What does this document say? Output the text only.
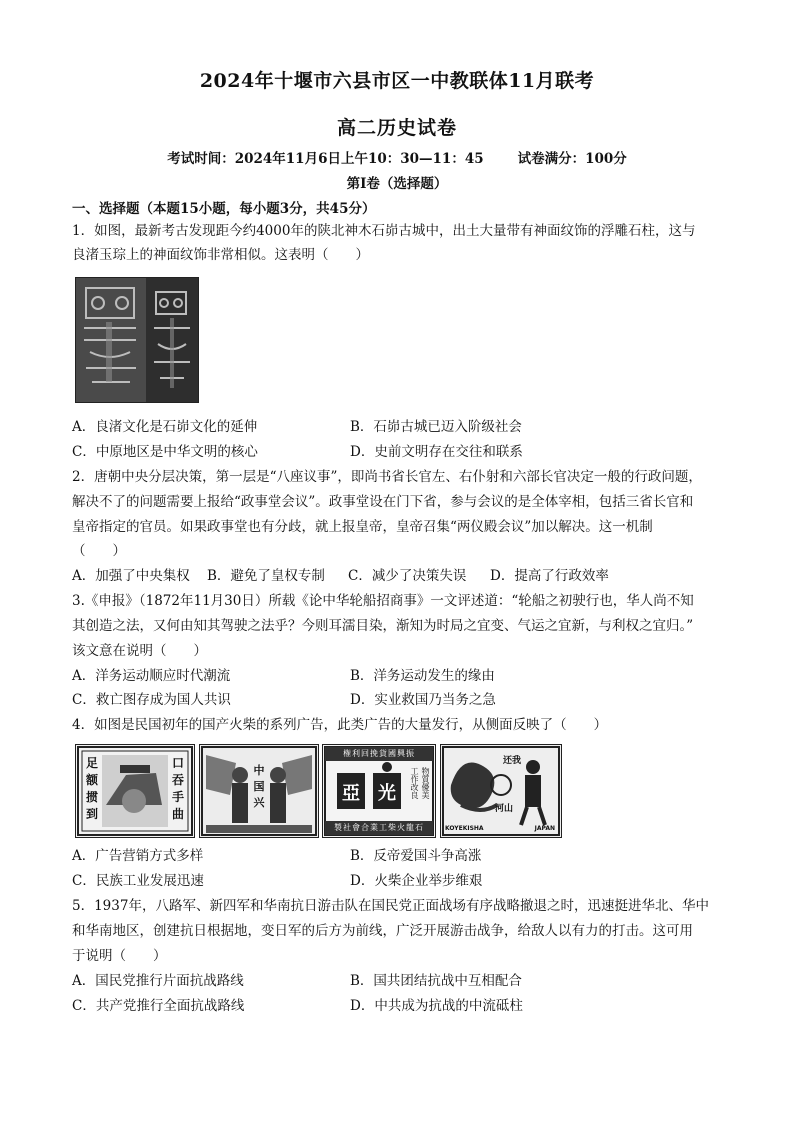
2024年十堰市六县市区一中教联体11月联考
高二历史试卷
考试时间：2024年11月6日上午10：30—11：45	试卷满分：100分
第Ⅰ卷（选择题）
一、选择题（本题15小题，每小题3分，共45分）
1．如图，最新考古发现距今约4000年的陕北神木石峁古城中，出土大量带有神面纹饰的浮雕石柱，这与
良渚玉琮上的神面纹饰非常相似。这表明（　　）
A．良渚文化是石峁文化的延伸	B．石峁古城已迈入阶级社会
C．中原地区是中华文明的核心	D．史前文明存在交往和联系
2．唐朝中央分层决策，第一层是“八座议事”，即尚书省长官左、右仆射和六部长官决定一般的行政问题，
解决不了的问题需要上报给“政事堂会议”。政事堂设在门下省，参与会议的是全体宰相，包括三省长官和
皇帝指定的官员。如果政事堂也有分歧，就上报皇帝，皇帝召集“两仪殿会议”加以解决。这一机制
（　　）
A．加强了中央集权 B．避免了皇权专制 C．减少了决策失误 D．提高了行政效率
3.《申报》（1872年11月30日）所载《论中华轮船招商事》一文评述道：“轮船之初驶行也，华人尚不知
其创造之法，又何由知其驾驶之法乎？今则耳濡目染，渐知为时局之宜变、气运之宜新，与利权之宜归。”
该文意在说明（　　）
A．洋务运动顺应时代潮流	B．洋务运动发生的缘由
C．救亡图存成为国人共识	D．实业救国乃当务之急
4．如图是民国初年的国产火柴的系列广告，此类广告的大量发行，从侧面反映了（　　）
足
额
掼
到
口
吞
手
曲
中
国
兴
権利回挽貨國興振
亞 光	工作改良 物質優美
製社會合業工柴火龍石
还我
河山
KOYEKISHA	JAPAN
A．广告营销方式多样	B．反帝爱国斗争高涨
C．民族工业发展迅速	D．火柴企业举步维艰
5．1937年，八路军、新四军和华南抗日游击队在国民党正面战场有序战略撤退之时，迅速挺进华北、华中
和华南地区，创建抗日根据地，变日军的后方为前线，广泛开展游击战争，给敌人以有力的打击。这可用
于说明（　　）
A．国民党推行片面抗战路线	B．国共团结抗战中互相配合
C．共产党推行全面抗战路线	D．中共成为抗战的中流砥柱
